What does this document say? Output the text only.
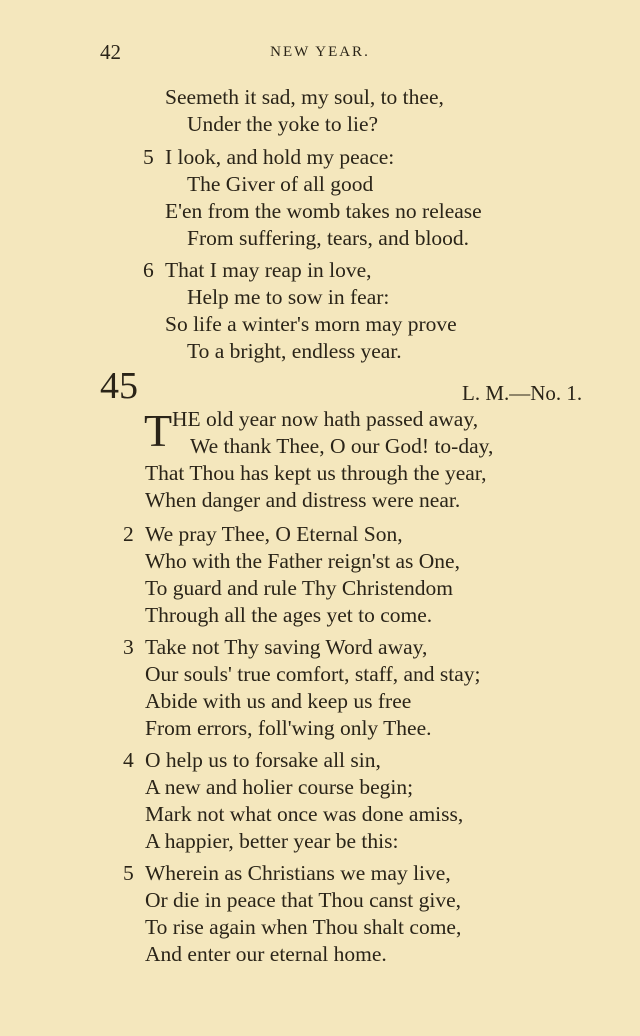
42	NEW YEAR.
Seemeth it sad, my soul, to thee,
Under the yoke to lie?
5 I look, and hold my peace:
The Giver of all good
E'en from the womb takes no release
From suffering, tears, and blood.
6 That I may reap in love,
Help me to sow in fear:
So life a winter's morn may prove
To a bright, endless year.
45	L. M.—No. 1.
T HE old year now hath passed away,
We thank Thee, O our God! to-day,
That Thou has kept us through the year,
When danger and distress were near.
2 We pray Thee, O Eternal Son,
Who with the Father reign'st as One,
To guard and rule Thy Christendom
Through all the ages yet to come.
3 Take not Thy saving Word away,
Our souls' true comfort, staff, and stay;
Abide with us and keep us free
From errors, foll'wing only Thee.
4 O help us to forsake all sin,
A new and holier course begin;
Mark not what once was done amiss,
A happier, better year be this:
5 Wherein as Christians we may live,
Or die in peace that Thou canst give,
To rise again when Thou shalt come,
And enter our eternal home.
